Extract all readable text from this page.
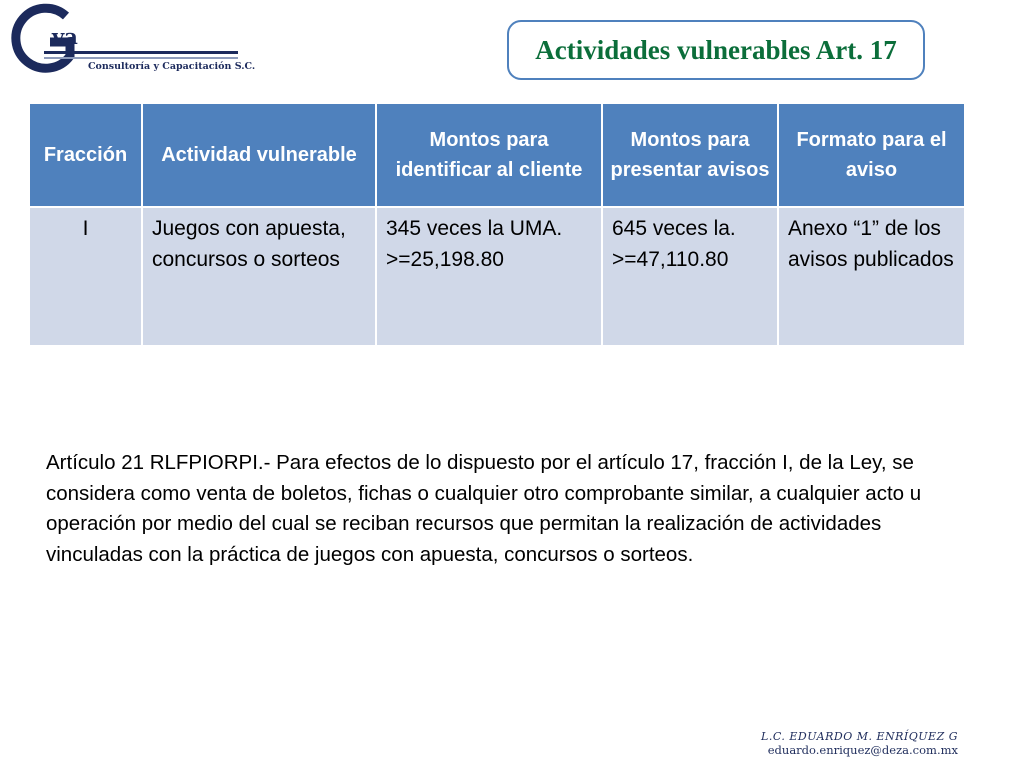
va
Consultoría y Capacitación S.C.
Actividades vulnerables Art. 17
Fracción	Actividad vulnerable	Montos para identificar al cliente	Montos para presentar avisos	Formato para el aviso
I	Juegos con apuesta, concursos o sorteos	345 veces la UMA. >=25,198.80	645 veces la. >=47,110.80	Anexo “1” de los avisos publicados
Artículo 21 RLFPIORPI.- Para efectos de lo dispuesto por el artículo 17, fracción I, de la Ley, se considera como venta de boletos, fichas o cualquier otro comprobante similar, a cualquier acto u operación por medio del cual se reciban recursos que permitan la realización de actividades vinculadas con la práctica de juegos con apuesta, concursos o sorteos.
L.C. EDUARDO M. ENRÍQUEZ G
eduardo.enriquez@deza.com.mx
